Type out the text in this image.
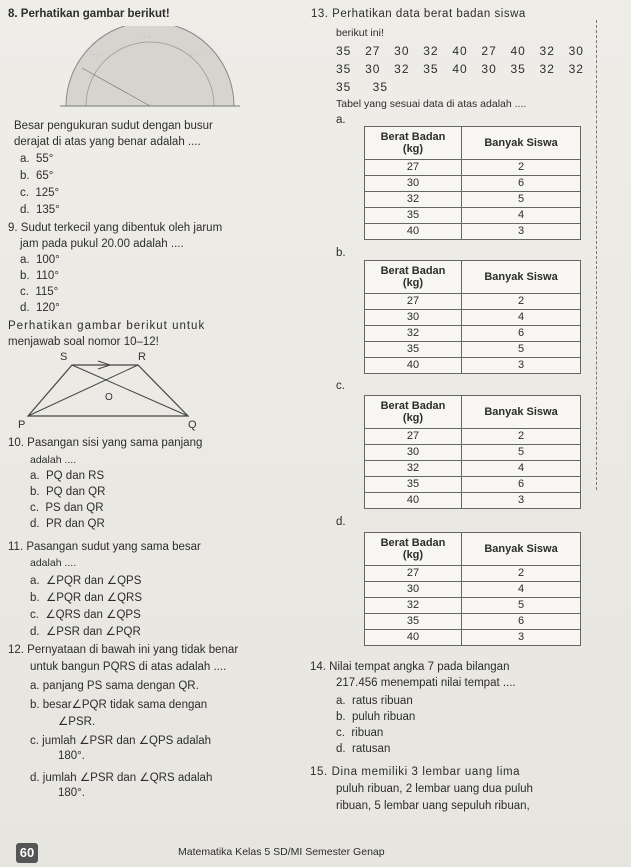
8. Perhatikan gambar berikut!
· · · ·
· · ·
· · · ·
Besar pengukuran sudut dengan busur
derajat di atas yang benar adalah ....
a. 55°
b. 65°
c. 125°
d. 135°
9. Sudut terkecil yang dibentuk oleh jarum
jam pada pukul 20.00 adalah ....
a. 100°
b. 110°
c. 115°
d. 120°
Perhatikan gambar berikut untuk
menjawab soal nomor 10–12!
S	R
O
P	Q
10. Pasangan sisi yang sama panjang
adalah ....
a. PQ dan RS
b. PQ dan QR
c. PS dan QR
d. PR dan QR
11. Pasangan sudut yang sama besar
adalah ....
a. ∠PQR dan ∠QPS
b. ∠PQR dan ∠QRS
c. ∠QRS dan ∠QPS
d. ∠PSR dan ∠PQR
12. Pernyataan di bawah ini yang tidak benar
untuk bangun PQRS di atas adalah ....
a. panjang PS sama dengan QR.
b. besar∠PQR tidak sama dengan
∠PSR.
c. jumlah ∠PSR dan ∠QPS adalah
180°.
d. jumlah ∠PSR dan ∠QRS adalah
180°.
13. Perhatikan data berat badan siswa
berikut ini!
35 27 30 32 40 27 40 32 30
35 30 32 35 40 30 35 32 32
35 35
Tabel yang sesuai data di atas adalah ....
a.
Berat Badan
(kg)	Banyak Siswa
27	2
30	6
32	5
35	4
40	3
b.
Berat Badan
(kg)	Banyak Siswa
27	2
30	4
32	6
35	5
40	3
c.
Berat Badan
(kg)	Banyak Siswa
27	2
30	5
32	4
35	6
40	3
d.
Berat Badan
(kg)	Banyak Siswa
27	2
30	4
32	5
35	6
40	3
14. Nilai tempat angka 7 pada bilangan
217.456 menempati nilai tempat ....
a. ratus ribuan
b. puluh ribuan
c. ribuan
d. ratusan
15. Dina memiliki 3 lembar uang lima
puluh ribuan, 2 lembar uang dua puluh
ribuan, 5 lembar uang sepuluh ribuan,
60	Matematika Kelas 5 SD/MI Semester Genap
